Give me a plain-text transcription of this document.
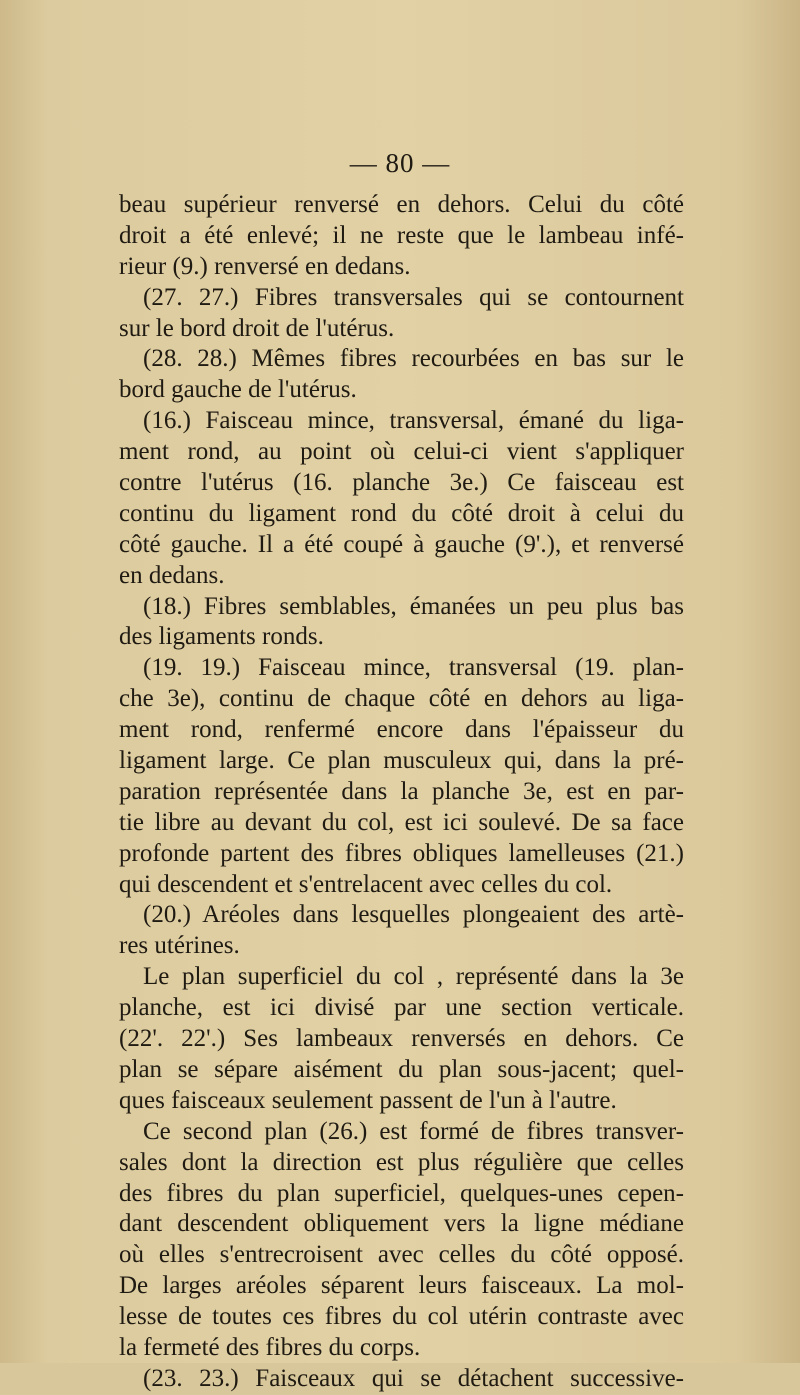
— 80 —
beau supérieur renversé en dehors. Celui du côté
droit a été enlevé; il ne reste que le lambeau infé-
rieur (9.) renversé en dedans.
(27. 27.) Fibres transversales qui se contournent
sur le bord droit de l'utérus.
(28. 28.) Mêmes fibres recourbées en bas sur le
bord gauche de l'utérus.
(16.) Faisceau mince, transversal, émané du liga-
ment rond, au point où celui-ci vient s'appliquer
contre l'utérus (16. planche 3e.) Ce faisceau est
continu du ligament rond du côté droit à celui du
côté gauche. Il a été coupé à gauche (9'.), et renversé
en dedans.
(18.) Fibres semblables, émanées un peu plus bas
des ligaments ronds.
(19. 19.) Faisceau mince, transversal (19. plan-
che 3e), continu de chaque côté en dehors au liga-
ment rond, renfermé encore dans l'épaisseur du
ligament large. Ce plan musculeux qui, dans la pré-
paration représentée dans la planche 3e, est en par-
tie libre au devant du col, est ici soulevé. De sa face
profonde partent des fibres obliques lamelleuses (21.)
qui descendent et s'entrelacent avec celles du col.
(20.) Aréoles dans lesquelles plongeaient des artè-
res utérines.
Le plan superficiel du col , représenté dans la 3e
planche, est ici divisé par une section verticale.
(22'. 22'.) Ses lambeaux renversés en dehors. Ce
plan se sépare aisément du plan sous-jacent; quel-
ques faisceaux seulement passent de l'un à l'autre.
Ce second plan (26.) est formé de fibres transver-
sales dont la direction est plus régulière que celles
des fibres du plan superficiel, quelques-unes cepen-
dant descendent obliquement vers la ligne médiane
où elles s'entrecroisent avec celles du côté opposé.
De larges aréoles séparent leurs faisceaux. La mol-
lesse de toutes ces fibres du col utérin contraste avec
la fermeté des fibres du corps.
(23. 23.) Faisceaux qui se détachent successive-
